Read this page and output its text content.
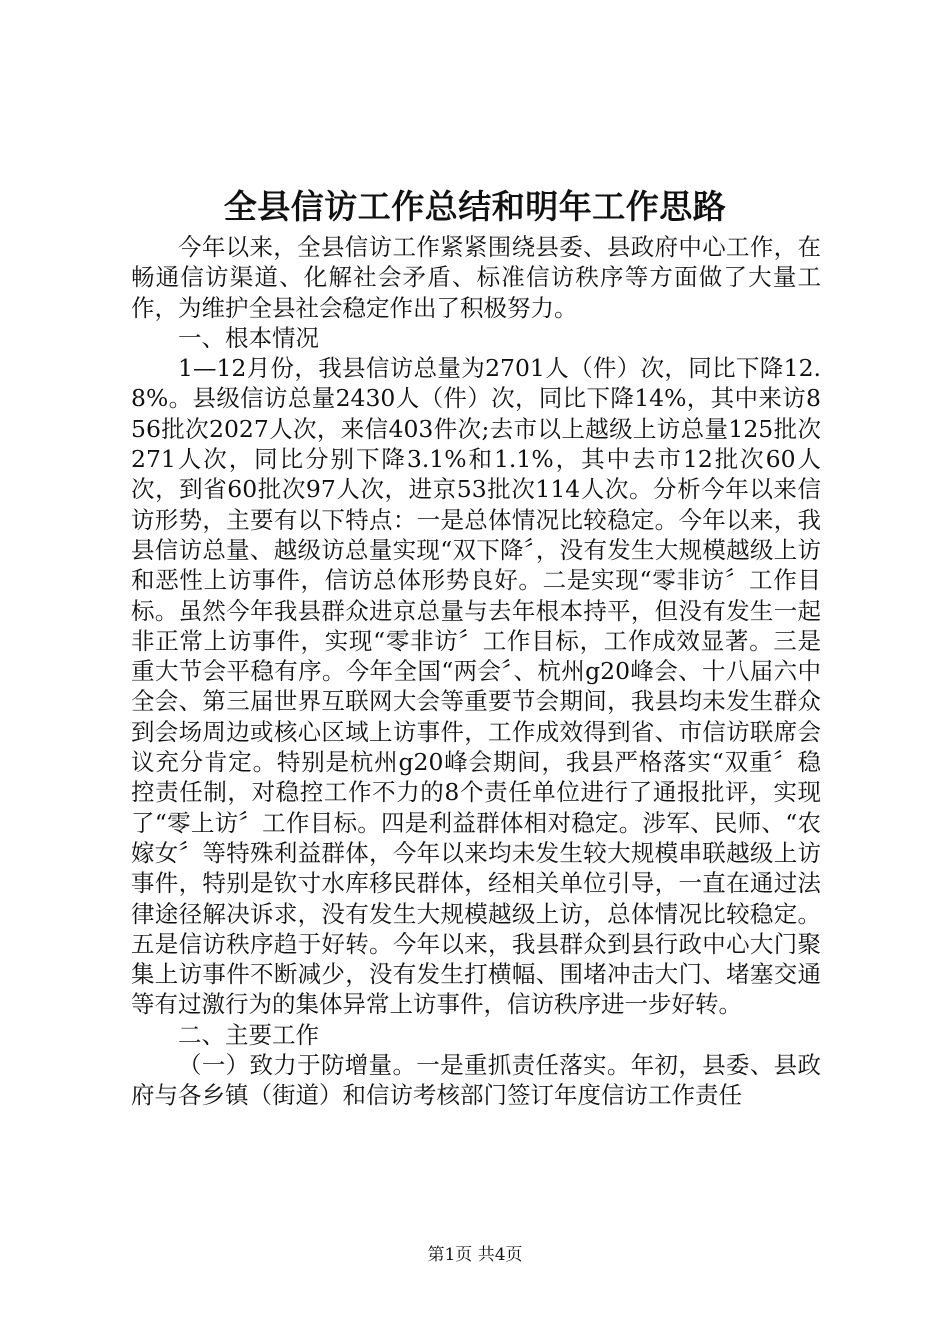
全县信访工作总结和明年工作思路

今年以来，全县信访工作紧紧围绕县委、县政府中心工作，在畅通信访渠道、化解社会矛盾、标准信访秩序等方面做了大量工作，为维护全县社会稳定作出了积极努力。

一、根本情况

1—12月份，我县信访总量为2701人（件）次，同比下降12.8%。县级信访总量2430人（件）次，同比下降14%，其中来访856批次2027人次，来信403件次;去市以上越级上访总量125批次271人次，同比分别下降3.1%和1.1%，其中去市12批次60人次，到省60批次97人次，进京53批次114人次。分析今年以来信访形势，主要有以下特点：一是总体情况比较稳定。今年以来，我县信访总量、越级访总量实现“双下降〞，没有发生大规模越级上访和恶性上访事件，信访总体形势良好。二是实现“零非访〞工作目标。虽然今年我县群众进京总量与去年根本持平，但没有发生一起非正常上访事件，实现“零非访〞工作目标，工作成效显著。三是重大节会平稳有序。今年全国“两会〞、杭州g20峰会、十八届六中全会、第三届世界互联网大会等重要节会期间，我县均未发生群众到会场周边或核心区域上访事件，工作成效得到省、市信访联席会议充分肯定。特别是杭州g20峰会期间，我县严格落实“双重〞稳控责任制，对稳控工作不力的8个责任单位进行了通报批评，实现了“零上访〞工作目标。四是利益群体相对稳定。涉军、民师、“农嫁女〞等特殊利益群体，今年以来均未发生较大规模串联越级上访事件，特别是钦寸水库移民群体，经相关单位引导，一直在通过法律途径解决诉求，没有发生大规模越级上访，总体情况比较稳定。五是信访秩序趋于好转。今年以来，我县群众到县行政中心大门聚集上访事件不断减少，没有发生打横幅、围堵冲击大门、堵塞交通等有过激行为的集体异常上访事件，信访秩序进一步好转。

二、主要工作

（一）致力于防增量。一是重抓责任落实。年初，县委、县政府与各乡镇（街道）和信访考核部门签订年度信访工作责任

第1页 共4页
